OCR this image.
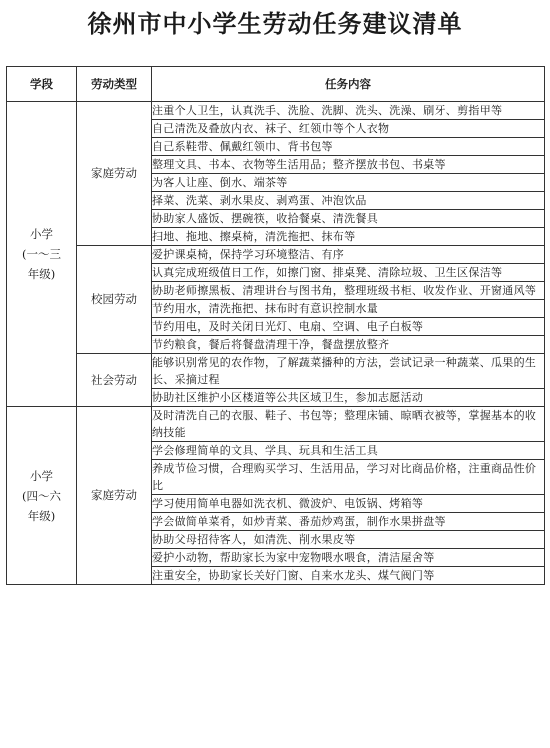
徐州市中小学生劳动任务建议清单
学段	劳动类型	任务内容

小学
(一～三
年级)	家庭劳动	注重个人卫生，认真洗手、洗脸、洗脚、洗头、洗澡、刷牙、剪指甲等
		自己清洗及叠放内衣、袜子、红领巾等个人衣物
		自己系鞋带、佩戴红领巾、背书包等
		整理文具、书本、衣物等生活用品；整齐摆放书包、书桌等
		为客人让座、倒水、端茶等
		择菜、洗菜、剥水果皮、剥鸡蛋、冲泡饮品
		协助家人盛饭、摆碗筷，收拾餐桌、清洗餐具
		扫地、拖地、擦桌椅，清洗拖把、抹布等
	校园劳动	爱护课桌椅，保持学习环境整洁、有序
		认真完成班级值日工作，如擦门窗、排桌凳、清除垃圾、卫生区保洁等
		协助老师擦黑板、清理讲台与图书角，整理班级书柜、收发作业、开窗通风等
		节约用水，清洗拖把、抹布时有意识控制水量
		节约用电，及时关闭日光灯、电扇、空调、电子白板等
		节约粮食，餐后将餐盘清理干净，餐盘摆放整齐
	社会劳动	能够识别常见的农作物，了解蔬菜播种的方法，尝试记录一种蔬菜、瓜果的生长、采摘过程
		协助社区维护小区楼道等公共区域卫生，参加志愿活动

小学
(四～六
年级)	家庭劳动	及时清洗自己的衣服、鞋子、书包等；整理床铺、晾晒衣被等，掌握基本的收纳技能
		学会修理简单的文具、学具、玩具和生活工具
		养成节俭习惯，合理购买学习、生活用品，学习对比商品价格，注重商品性价比
		学习使用简单电器如洗衣机、微波炉、电饭锅、烤箱等
		学会做简单菜肴，如炒青菜、番茄炒鸡蛋，制作水果拼盘等
		协助父母招待客人，如清洗、削水果皮等
		爱护小动物，帮助家长为家中宠物喂水喂食，清洁屋舍等
		注重安全，协助家长关好门窗、自来水龙头、煤气阀门等
